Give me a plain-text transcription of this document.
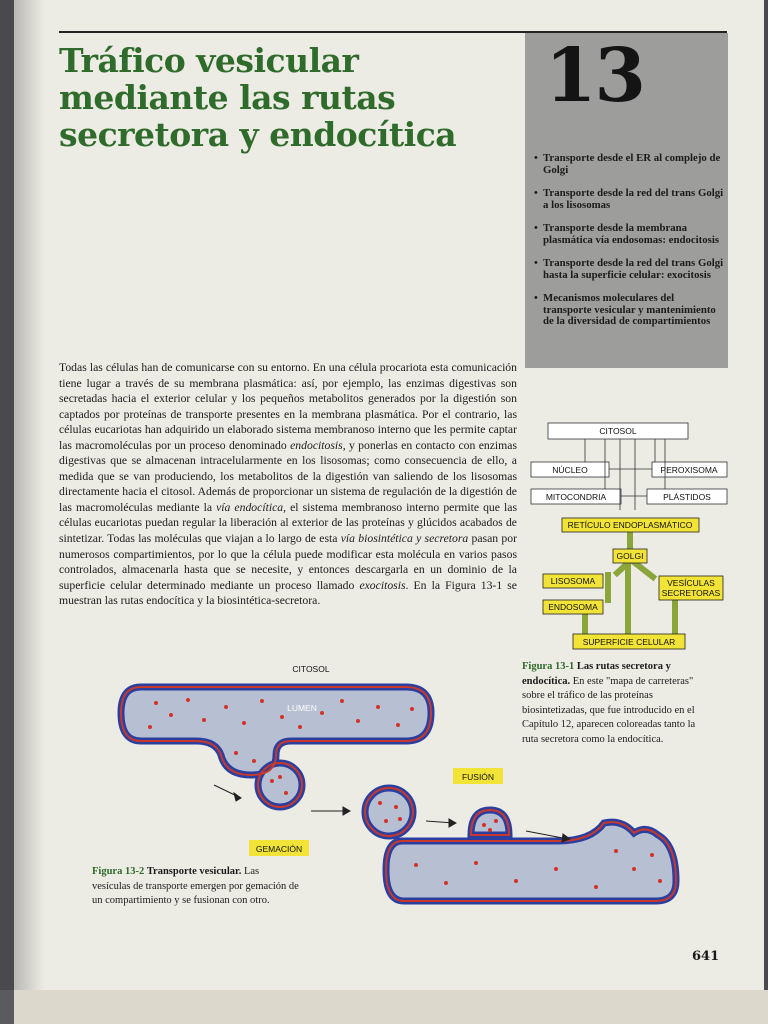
Tráfico vesicular mediante las rutas secretora y endocítica
13
• Transporte desde el ER al complejo de Golgi
• Transporte desde la red del trans Golgi a los lisosomas
• Transporte desde la membrana plasmática vía endosomas: endocitosis
• Transporte desde la red del trans Golgi hasta la superficie celular: exocitosis
• Mecanismos moleculares del transporte vesicular y mantenimiento de la diversidad de compartimientos
Todas las células han de comunicarse con su entorno. En una célula procariota esta comunicación tiene lugar a través de su membrana plasmática: así, por ejemplo, las enzimas digestivas son secretadas hacia el exterior celular y los pequeños metabolitos generados por la digestión son captados por proteínas de transporte presentes en la membrana plasmática. Por el contrario, las células eucariotas han adquirido un elaborado sistema membranoso interno que les permite captar las macromoléculas por un proceso denominado endocitosis, y ponerlas en contacto con enzimas digestivas que se almacenan intracelularmente en los lisosomas; como consecuencia de ello, a medida que se van produciendo, los metabolitos de la digestión van saliendo de los lisosomas directamente hacia el citosol. Además de proporcionar un sistema de regulación de la digestión de las macromoléculas mediante la vía endocítica, el sistema membranoso interno permite que las células eucariotas puedan regular la liberación al exterior de las proteínas y glúcidos acabados de sintetizar. Todas las moléculas que viajan a lo largo de esta vía biosintética y secretora pasan por numerosos compartimientos, por lo que la célula puede modificar esta molécula en varios pasos controlados, almacenarla hasta que se necesite, y entonces descargarla en un dominio de la superficie celular determinado mediante un proceso llamado exocitosis. En la Figura 13-1 se muestran las rutas endocítica y la biosintética-secretora.
CITOSOL
NÚCLEO	PEROXISOMA
MITOCONDRIA	PLÁSTIDOS
RETÍCULO ENDOPLASMÁTICO
GOLGI
LISOSOMA	VESÍCULAS
SECRETORAS
ENDOSOMA
SUPERFICIE CELULAR
Figura 13-1 Las rutas secretora y endocítica. En este "mapa de carreteras" sobre el tráfico de las proteínas biosintetizadas, que fue introducido en el Capítulo 12, aparecen coloreadas tanto la ruta secretora como la endocítica.
CITOSOL
LUMEN
GEMACIÓN
FUSIÓN
Figura 13-2 Transporte vesicular. Las vesículas de transporte emergen por gemación de un compartimiento y se fusionan con otro.
641
